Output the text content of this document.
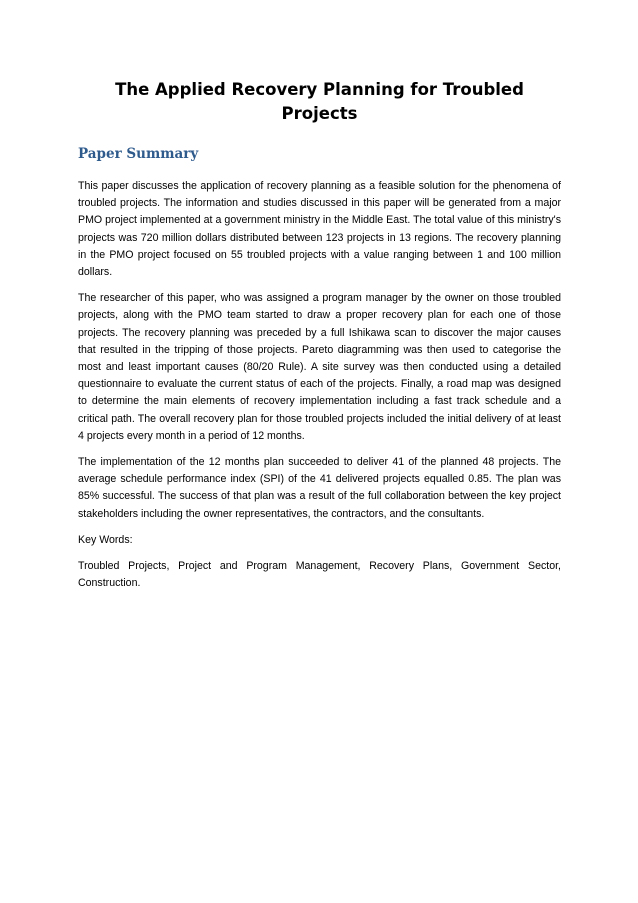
The Applied Recovery Planning for Troubled Projects
Paper Summary

This paper discusses the application of recovery planning as a feasible solution for the phenomena of troubled projects. The information and studies discussed in this paper will be generated from a major PMO project implemented at a government ministry in the Middle East. The total value of this ministry's projects was 720 million dollars distributed between 123 projects in 13 regions. The recovery planning in the PMO project focused on 55 troubled projects with a value ranging between 1 and 100 million dollars.

The researcher of this paper, who was assigned a program manager by the owner on those troubled projects, along with the PMO team started to draw a proper recovery plan for each one of those projects. The recovery planning was preceded by a full Ishikawa scan to discover the major causes that resulted in the tripping of those projects. Pareto diagramming was then used to categorise the most and least important causes (80/20 Rule). A site survey was then conducted using a detailed questionnaire to evaluate the current status of each of the projects. Finally, a road map was designed to determine the main elements of recovery implementation including a fast track schedule and a critical path. The overall recovery plan for those troubled projects included the initial delivery of at least 4 projects every month in a period of 12 months.

The implementation of the 12 months plan succeeded to deliver 41 of the planned 48 projects. The average schedule performance index (SPI) of the 41 delivered projects equalled 0.85. The plan was 85% successful. The success of that plan was a result of the full collaboration between the key project stakeholders including the owner representatives, the contractors, and the consultants.

Key Words:

Troubled Projects, Project and Program Management, Recovery Plans, Government Sector, Construction.
